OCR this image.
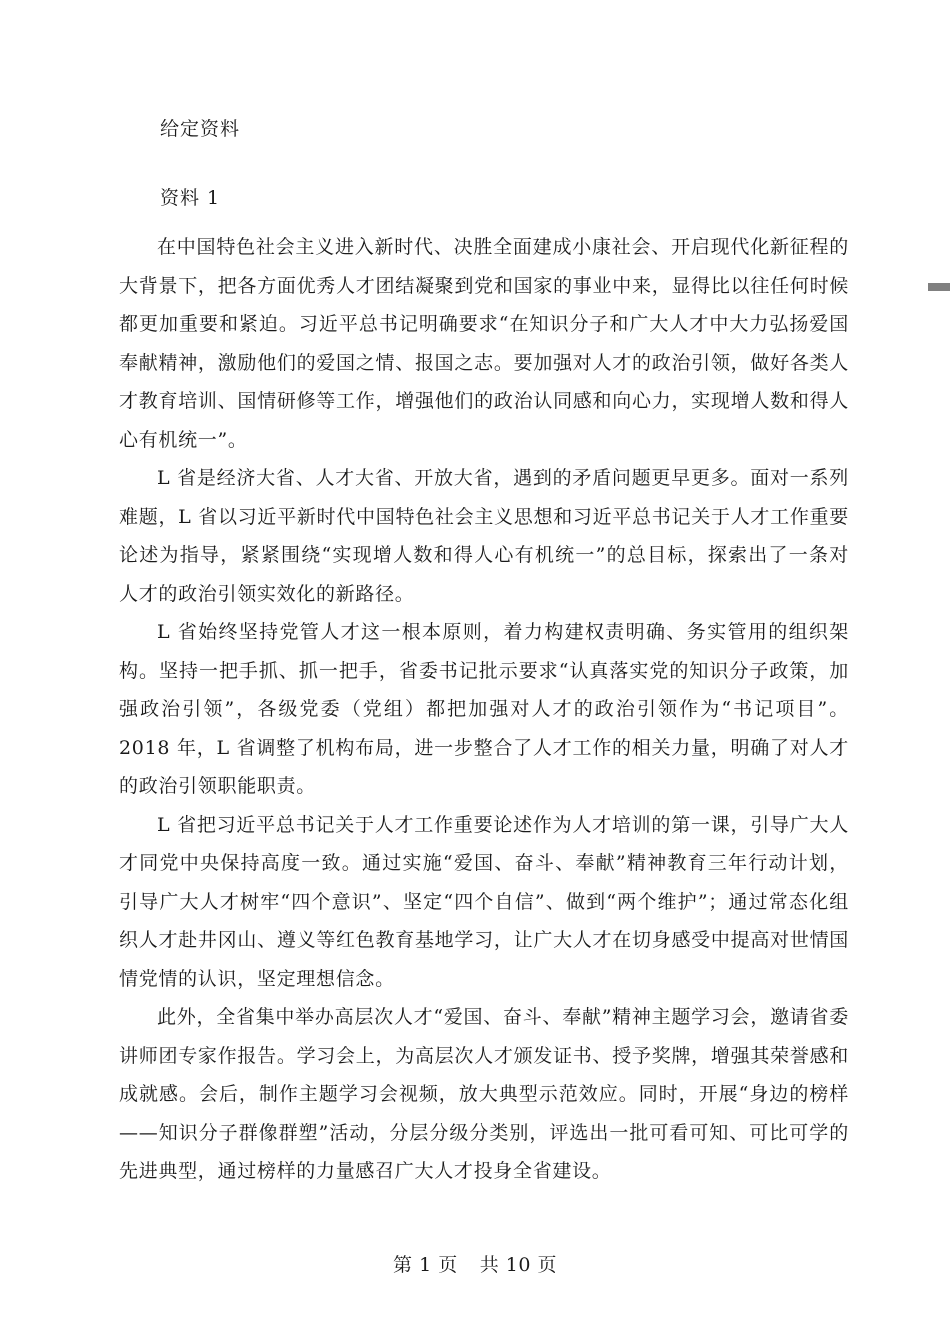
给定资料
资料 1

在中国特色社会主义进入新时代、决胜全面建成小康社会、开启现代化新征程的大背景下，把各方面优秀人才团结凝聚到党和国家的事业中来，显得比以往任何时候都更加重要和紧迫。习近平总书记明确要求“在知识分子和广大人才中大力弘扬爱国奉献精神，激励他们的爱国之情、报国之志。要加强对人才的政治引领，做好各类人才教育培训、国情研修等工作，增强他们的政治认同感和向心力，实现增人数和得人心有机统一”。

L 省是经济大省、人才大省、开放大省，遇到的矛盾问题更早更多。面对一系列难题，L 省以习近平新时代中国特色社会主义思想和习近平总书记关于人才工作重要论述为指导，紧紧围绕“实现增人数和得人心有机统一”的总目标，探索出了一条对人才的政治引领实效化的新路径。

L 省始终坚持党管人才这一根本原则，着力构建权责明确、务实管用的组织架构。坚持一把手抓、抓一把手，省委书记批示要求“认真落实党的知识分子政策，加强政治引领”，各级党委（党组）都把加强对人才的政治引领作为“书记项目”。2018 年，L 省调整了机构布局，进一步整合了人才工作的相关力量，明确了对人才的政治引领职能职责。

L 省把习近平总书记关于人才工作重要论述作为人才培训的第一课，引导广大人才同党中央保持高度一致。通过实施“爱国、奋斗、奉献”精神教育三年行动计划，引导广大人才树牢“四个意识”、坚定“四个自信”、做到“两个维护”；通过常态化组织人才赴井冈山、遵义等红色教育基地学习，让广大人才在切身感受中提高对世情国情党情的认识，坚定理想信念。

此外，全省集中举办高层次人才“爱国、奋斗、奉献”精神主题学习会，邀请省委讲师团专家作报告。学习会上，为高层次人才颁发证书、授予奖牌，增强其荣誉感和成就感。会后，制作主题学习会视频，放大典型示范效应。同时，开展“身边的榜样——知识分子群像群塑”活动，分层分级分类别，评选出一批可看可知、可比可学的先进典型，通过榜样的力量感召广大人才投身全省建设。

第 1 页 共 10 页
